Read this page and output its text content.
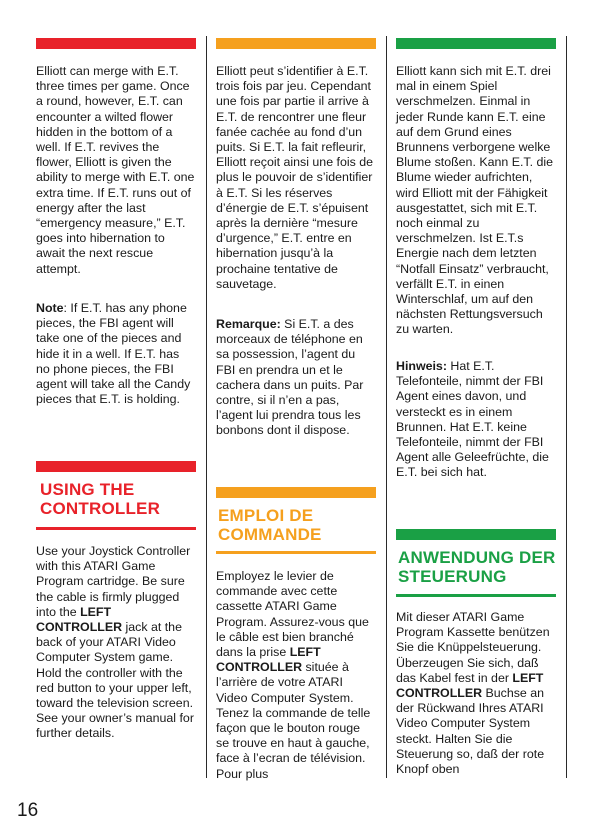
Elliott can merge with E.T. three times per game. Once a round, however, E.T. can encounter a wilted flower hidden in the bottom of a well. If E.T. revives the flower, Elliott is given the ability to merge with E.T. one extra time. If E.T. runs out of energy after the last “emergency measure,” E.T. goes into hibernation to await the next rescue attempt.

Note: If E.T. has any phone pieces, the FBI agent will take one of the pieces and hide it in a well. If E.T. has no phone pieces, the FBI agent will take all the Candy pieces that E.T. is holding.

USING THE CONTROLLER

Use your Joystick Controller with this ATARI Game Program cartridge. Be sure the cable is firmly plugged into the LEFT CONTROLLER jack at the back of your ATARI Video Computer System game. Hold the controller with the red button to your upper left, toward the television screen. See your owner’s manual for further details.

Elliott peut s’identifier à E.T. trois fois par jeu. Cependant une fois par partie il arrive à E.T. de rencontrer une fleur fanée cachée au fond d’un puits. Si E.T. la fait refleurir, Elliott reçoit ainsi une fois de plus le pouvoir de s’identifier à E.T. Si les réserves d’énergie de E.T. s’épuisent après la dernière “mesure d’urgence,” E.T. entre en hibernation jusqu’à la prochaine tentative de sauvetage.

Remarque: Si E.T. a des morceaux de téléphone en sa possession, l’agent du FBI en prendra un et le cachera dans un puits. Par contre, si il n’en a pas, l’agent lui prendra tous les bonbons dont il dispose.

EMPLOI DE COMMANDE

Employez le levier de commande avec cette cassette ATARI Game Program. Assurez-vous que le câble est bien branché dans la prise LEFT CONTROLLER située à l’arrière de votre ATARI Video Computer System. Tenez la commande de telle façon que le bouton rouge se trouve en haut à gauche, face à l’ecran de télévision. Pour plus

Elliott kann sich mit E.T. drei mal in einem Spiel verschmelzen. Einmal in jeder Runde kann E.T. eine auf dem Grund eines Brunnens verborgene welke Blume stoßen. Kann E.T. die Blume wieder aufrichten, wird Elliott mit der Fähigkeit ausgestattet, sich mit E.T. noch einmal zu verschmelzen. Ist E.T.s Energie nach dem letzten “Notfall Einsatz” verbraucht, verfällt E.T. in einen Winterschlaf, um auf den nächsten Rettungsversuch zu warten.

Hinweis: Hat E.T. Telefonteile, nimmt der FBI Agent eines davon, und versteckt es in einem Brunnen. Hat E.T. keine Telefonteile, nimmt der FBI Agent alle Geleefrüchte, die E.T. bei sich hat.

ANWENDUNG DER STEUERUNG

Mit dieser ATARI Game Program Kassette benützen Sie die Knüppelsteuerung. Überzeugen Sie sich, daß das Kabel fest in der LEFT CONTROLLER Buchse an der Rückwand Ihres ATARI Video Computer System steckt. Halten Sie die Steuerung so, daß der rote Knopf oben

16
